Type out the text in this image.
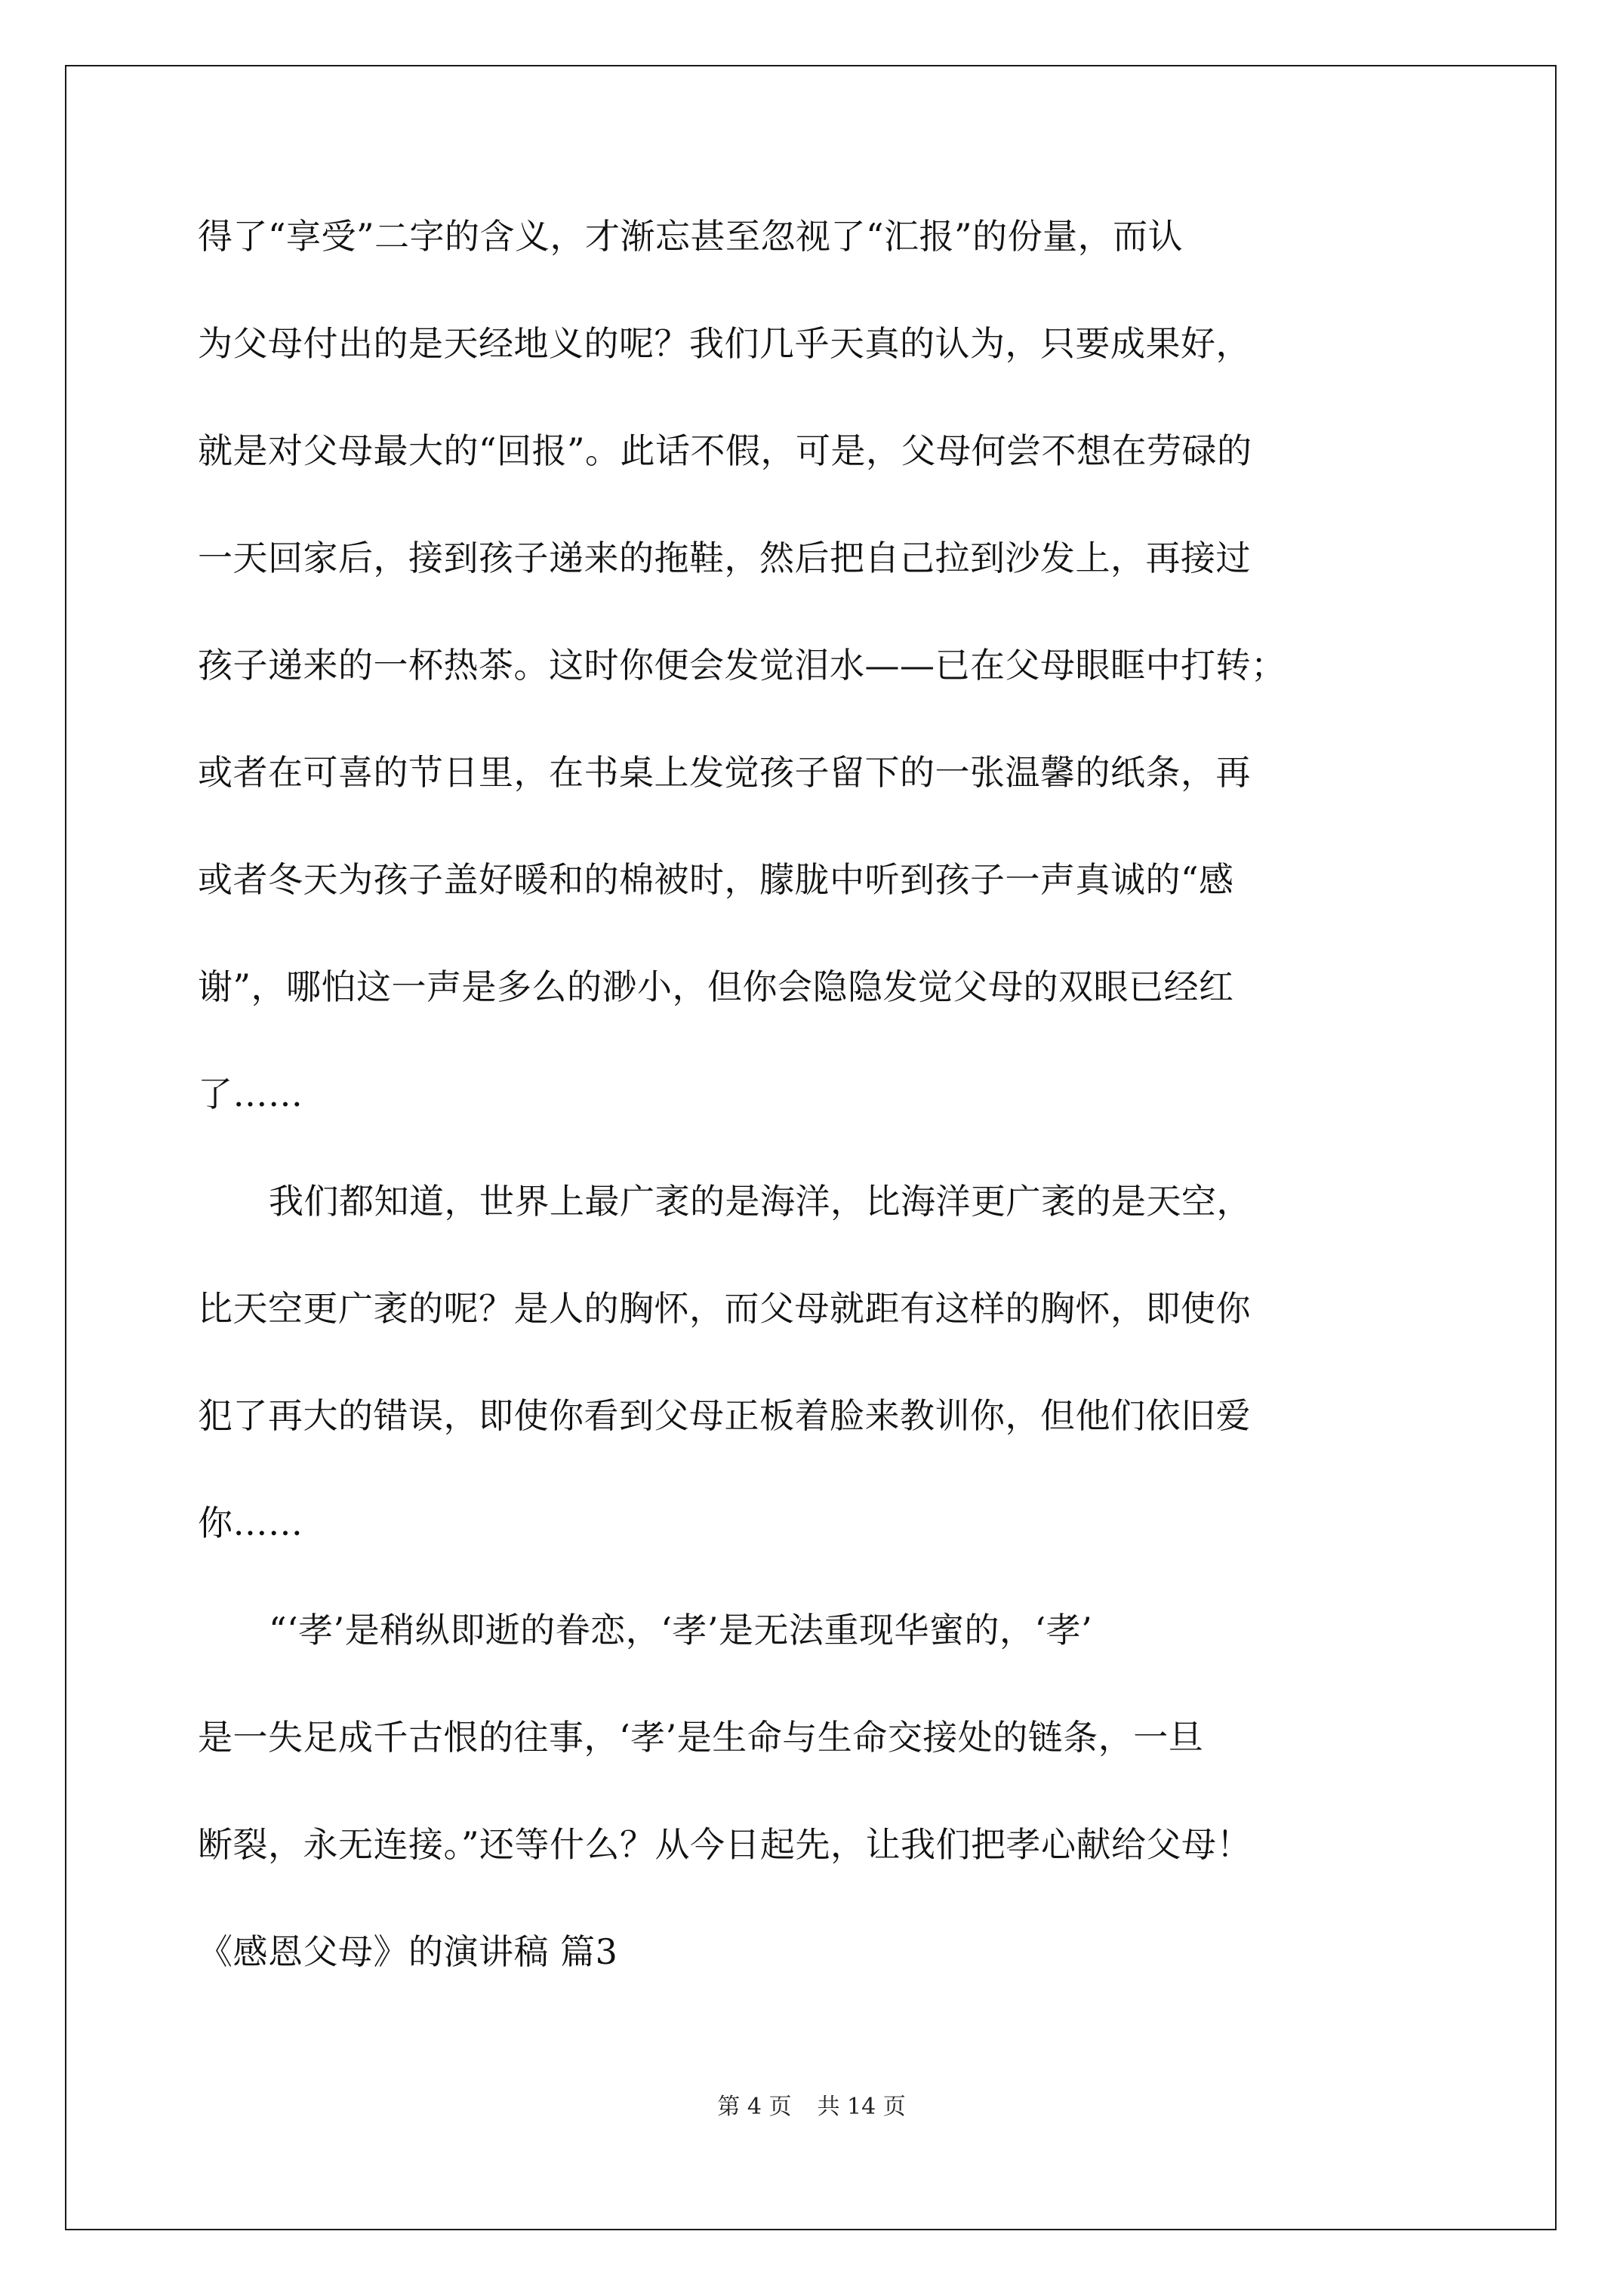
得了“享受”二字的含义，才渐忘甚至忽视了“汇报”的份量，而认
为父母付出的是天经地义的呢？我们几乎天真的认为，只要成果好，
就是对父母最大的“回报”。此话不假，可是，父母何尝不想在劳碌的
一天回家后，接到孩子递来的拖鞋，然后把自己拉到沙发上，再接过
孩子递来的一杯热茶。这时你便会发觉泪水——已在父母眼眶中打转；
或者在可喜的节日里，在书桌上发觉孩子留下的一张温馨的纸条，再
或者冬天为孩子盖好暖和的棉被时，朦胧中听到孩子一声真诚的“感
谢”，哪怕这一声是多么的渺小，但你会隐隐发觉父母的双眼已经红
了……
我们都知道，世界上最广袤的是海洋，比海洋更广袤的是天空，
比天空更广袤的呢？是人的胸怀，而父母就距有这样的胸怀，即使你
犯了再大的错误，即使你看到父母正板着脸来教训你，但他们依旧爱
你……
“‘孝’是稍纵即逝的眷恋，‘孝’是无法重现华蜜的，‘孝’
是一失足成千古恨的往事，‘孝’是生命与生命交接处的链条，一旦
断裂，永无连接。”还等什么？从今日起先，让我们把孝心献给父母！
《感恩父母》的演讲稿 篇3
第 4 页 共 14 页
